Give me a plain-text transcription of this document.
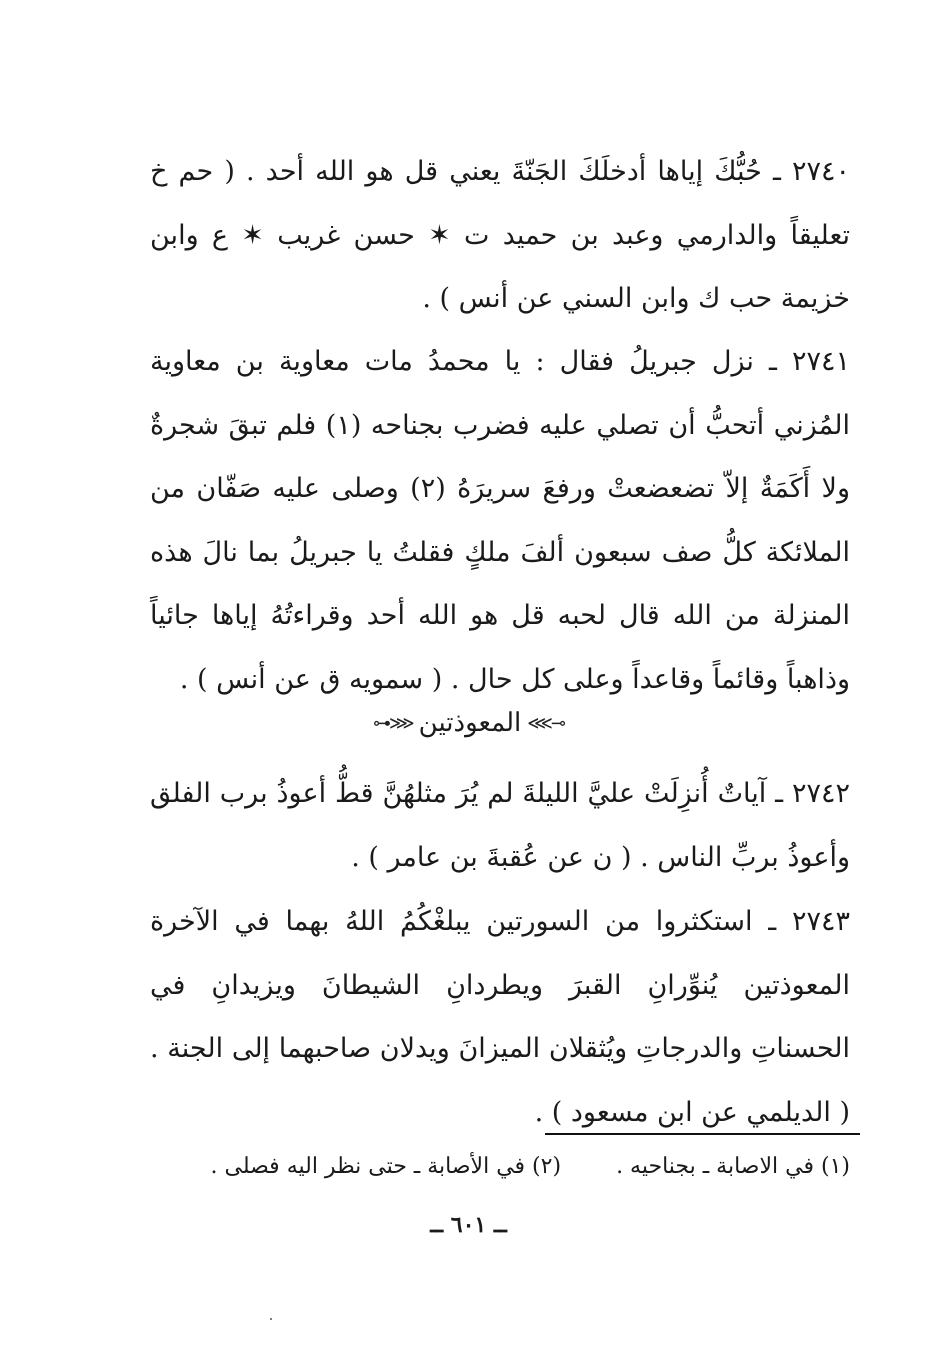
٢٧٤٠ ـ حُبُّكَ إياها أدخلَكَ الجَنّةَ يعني قل هو الله أحد . ( حم خ تعليقاً والدارمي وعبد بن حميد ت ✶ حسن غريب ✶ ع وابن خزيمة حب ك وابن السني عن أنس ) .

٢٧٤١ ـ نزل جبريلُ فقال : يا محمدُ مات معاوية بن معاوية المُزني أتحبُّ أن تصلي عليه فضرب بجناحه (١) فلم تبقَ شجرةٌ ولا أَكَمَةٌ إلاّ تضعضعتْ ورفعَ سريرَهُ (٢) وصلى عليه صَفّان من الملائكة كلُّ صف سبعون ألفَ ملكٍ فقلتُ يا جبريلُ بما نالَ هذه المنزلة من الله قال لحبه قل هو الله أحد وقراءتُهُ إياها جائياً وذاهباً وقائماً وقاعداً وعلى كل حال . ( سمويه ق عن أنس ) .

⊸⋙
المعوذتين
⋘⊷

٢٧٤٢ ـ آياتٌ أُنزِلَتْ عليَّ الليلةَ لم يُرَ مثلهُنَّ قطُّ أعوذُ برب الفلق وأعوذُ بربِّ الناس . ( ن عن عُقبةَ بن عامر ) .

٢٧٤٣ ـ استكثروا من السورتين يبلغْكُمُ اللهُ بهما في الآخرة المعوذتين يُنوِّرانِ القبرَ ويطردانِ الشيطانَ ويزيدانِ في الحسناتِ والدرجاتِ ويُثقلان الميزانَ ويدلان صاحبهما إلى الجنة . ( الديلمي عن ابن مسعود ) .

(١) في الاصابة ـ بجناحيه .
(٢) في الأصابة ـ حتى نظر اليه فصلى .
ــ ٦٠١ ــ
